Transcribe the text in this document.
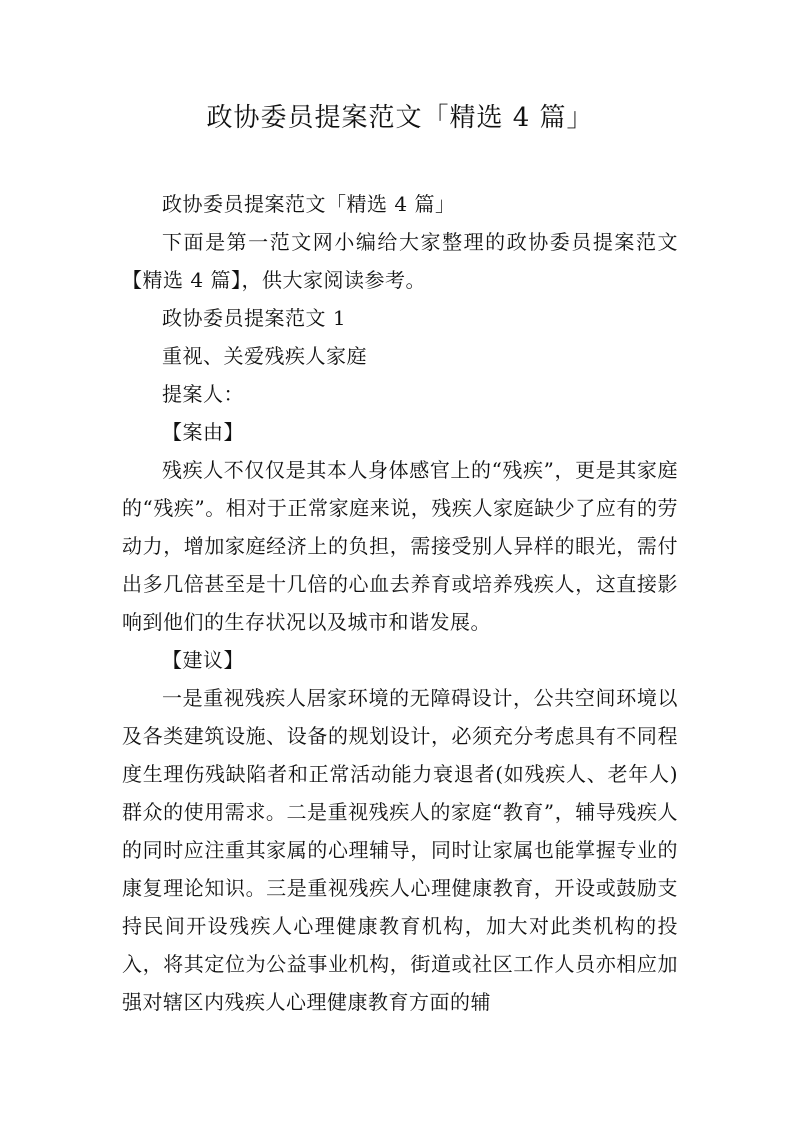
政协委员提案范文「精选 4 篇」

政协委员提案范文「精选 4 篇」

下面是第一范文网小编给大家整理的政协委员提案范文【精选 4 篇】，供大家阅读参考。

政协委员提案范文 1

重视、关爱残疾人家庭

提案人：

【案由】

残疾人不仅仅是其本人身体感官上的“残疾”，更是其家庭的“残疾”。相对于正常家庭来说，残疾人家庭缺少了应有的劳动力，增加家庭经济上的负担，需接受别人异样的眼光，需付出多几倍甚至是十几倍的心血去养育或培养残疾人，这直接影响到他们的生存状况以及城市和谐发展。

【建议】

一是重视残疾人居家环境的无障碍设计，公共空间环境以及各类建筑设施、设备的规划设计，必须充分考虑具有不同程度生理伤残缺陷者和正常活动能力衰退者(如残疾人、老年人)群众的使用需求。二是重视残疾人的家庭“教育”，辅导残疾人的同时应注重其家属的心理辅导，同时让家属也能掌握专业的康复理论知识。三是重视残疾人心理健康教育，开设或鼓励支持民间开设残疾人心理健康教育机构，加大对此类机构的投入，将其定位为公益事业机构，街道或社区工作人员亦相应加强对辖区内残疾人心理健康教育方面的辅
